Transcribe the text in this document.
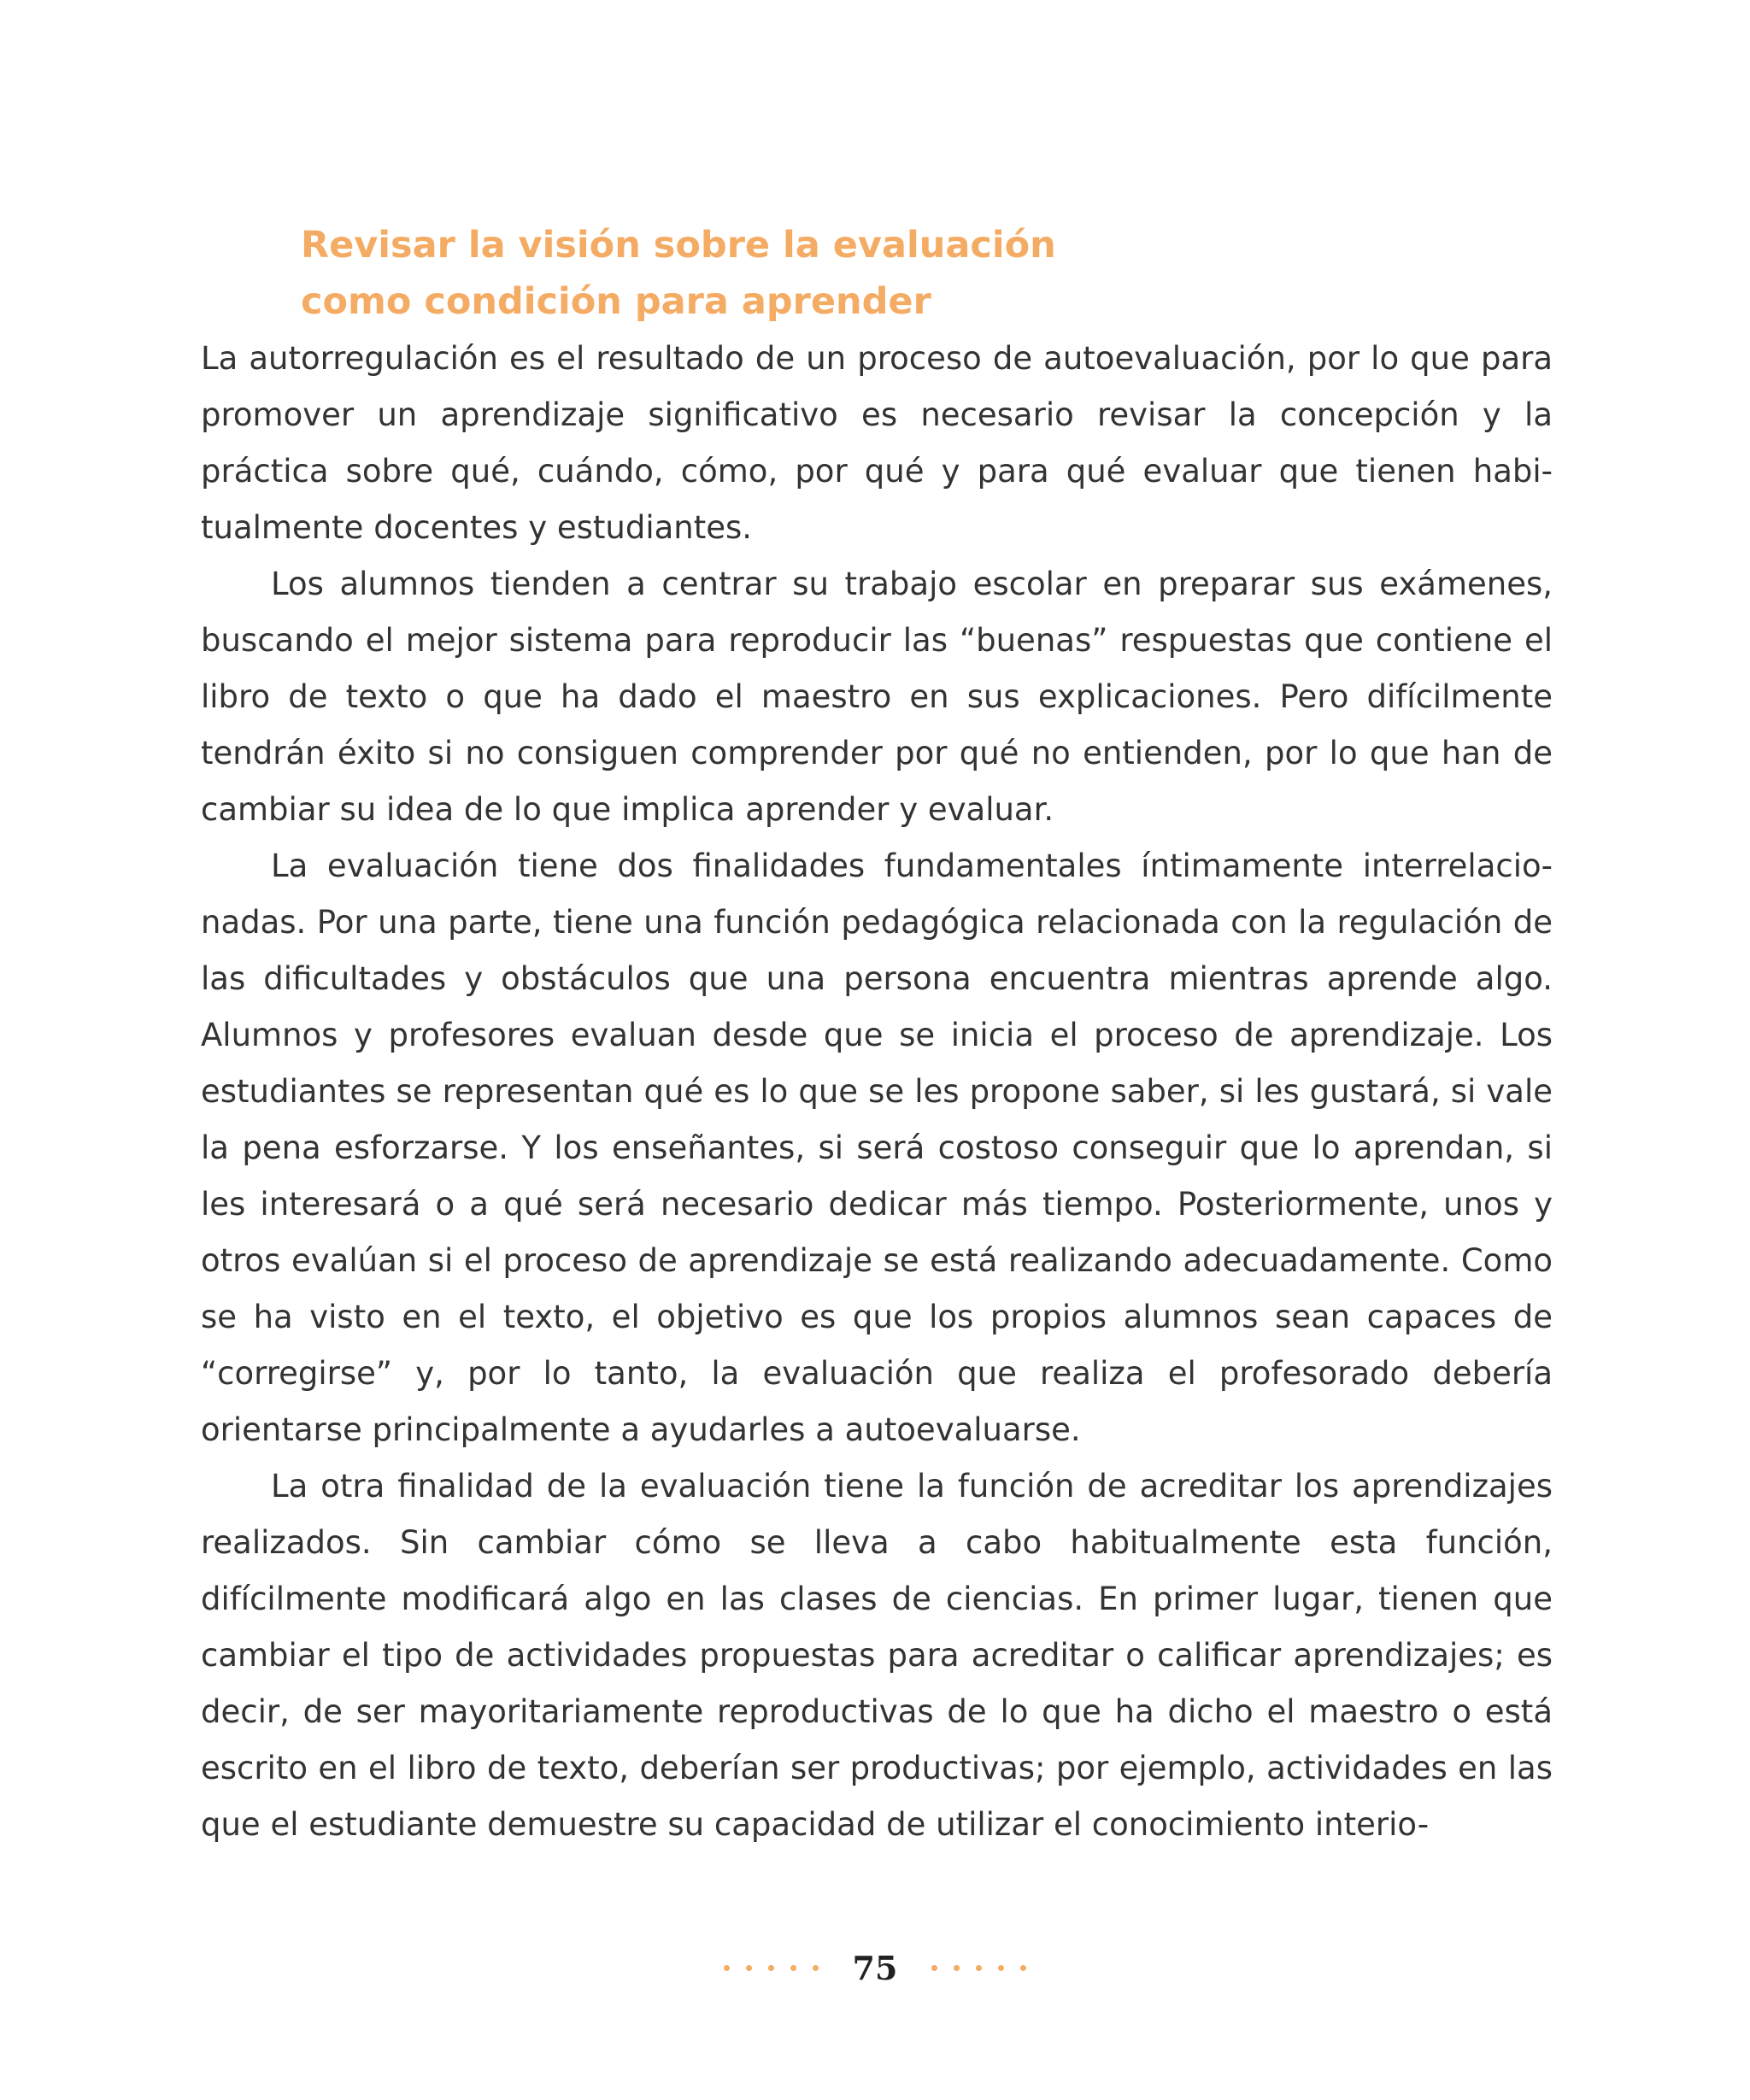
Revisar la visión sobre la evaluación
como condición para aprender

La autorregulación es el resultado de un proceso de autoevaluación, por lo que para promover un aprendizaje significativo es necesario revisar la concepción y la práctica sobre qué, cuándo, cómo, por qué y para qué evaluar que tienen habitualmente docentes y estudiantes.

Los alumnos tienden a centrar su trabajo escolar en preparar sus exámenes, buscando el mejor sistema para reproducir las “buenas” respuestas que contiene el libro de texto o que ha dado el maestro en sus explicaciones. Pero difícilmente tendrán éxito si no consiguen comprender por qué no entienden, por lo que han de cambiar su idea de lo que implica aprender y evaluar.

La evaluación tiene dos finalidades fundamentales íntimamente interrelacionadas. Por una parte, tiene una función pedagógica relacionada con la regulación de las dificultades y obstáculos que una persona encuentra mientras aprende algo. Alumnos y profesores evaluan desde que se inicia el proceso de aprendizaje. Los estudiantes se representan qué es lo que se les propone saber, si les gustará, si vale la pena esforzarse. Y los enseñantes, si será costoso conseguir que lo aprendan, si les interesará o a qué será necesario dedicar más tiempo. Posteriormente, unos y otros evalúan si el proceso de aprendizaje se está realizando adecuadamente. Como se ha visto en el texto, el objetivo es que los propios alumnos sean capaces de “corregirse” y, por lo tanto, la evaluación que realiza el profesorado debería orientarse principalmente a ayudarles a autoevaluarse.

La otra finalidad de la evaluación tiene la función de acreditar los aprendizajes realizados. Sin cambiar cómo se lleva a cabo habitualmente esta función, difícilmente modificará algo en las clases de ciencias. En primer lugar, tienen que cambiar el tipo de actividades propuestas para acreditar o calificar aprendizajes; es decir, de ser mayoritariamente reproductivas de lo que ha dicho el maestro o está escrito en el libro de texto, deberían ser productivas; por ejemplo, actividades en las que el estudiante demuestre su capacidad de utilizar el conocimiento interio-

75
